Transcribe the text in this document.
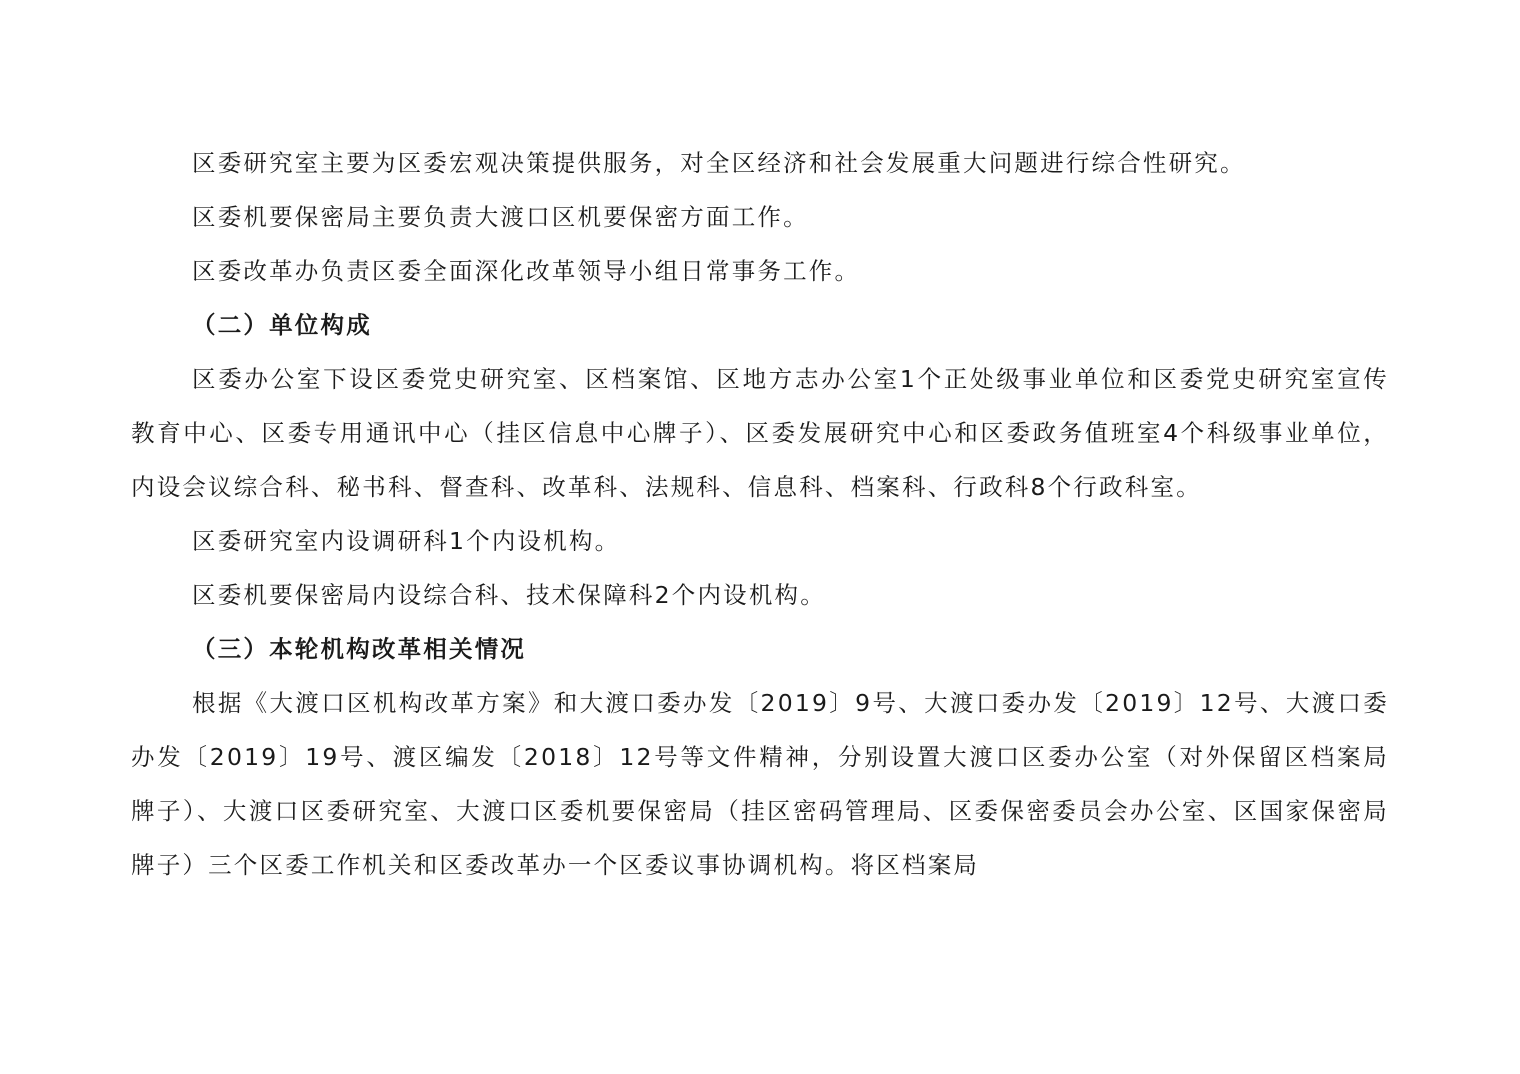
区委研究室主要为区委宏观决策提供服务，对全区经济和社会发展重大问题进行综合性研究。

区委机要保密局主要负责大渡口区机要保密方面工作。

区委改革办负责区委全面深化改革领导小组日常事务工作。

（二）单位构成

区委办公室下设区委党史研究室、区档案馆、区地方志办公室1个正处级事业单位和区委党史研究室宣传教育中心、区委专用通讯中心（挂区信息中心牌子）、区委发展研究中心和区委政务值班室4个科级事业单位，内设会议综合科、秘书科、督查科、改革科、法规科、信息科、档案科、行政科8个行政科室。

区委研究室内设调研科1个内设机构。

区委机要保密局内设综合科、技术保障科2个内设机构。

（三）本轮机构改革相关情况

根据《大渡口区机构改革方案》和大渡口委办发〔2019〕9号、大渡口委办发〔2019〕12号、大渡口委办发〔2019〕19号、渡区编发〔2018〕12号等文件精神，分别设置大渡口区委办公室（对外保留区档案局牌子）、大渡口区委研究室、大渡口区委机要保密局（挂区密码管理局、区委保密委员会办公室、区国家保密局牌子）三个区委工作机关和区委改革办一个区委议事协调机构。将区档案局
